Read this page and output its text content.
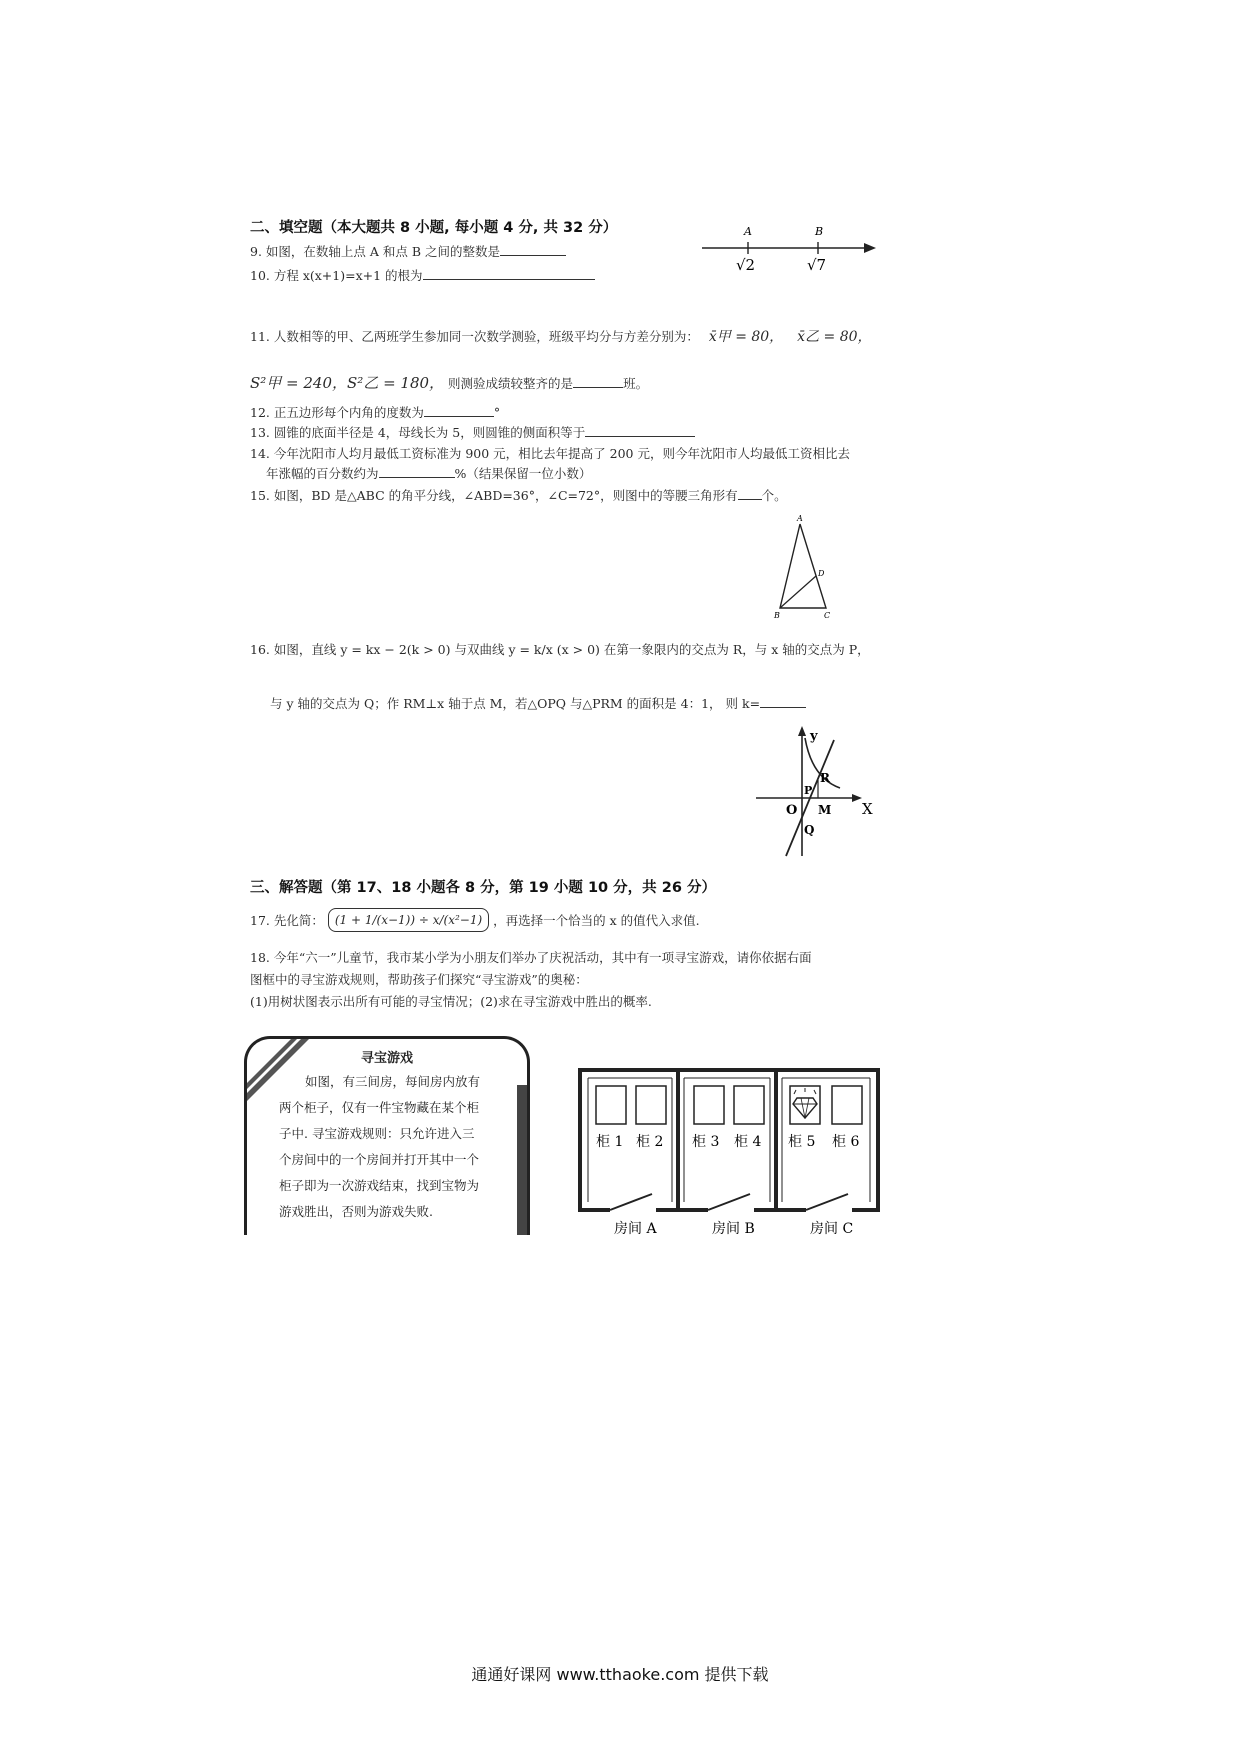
二、填空题（本大题共 8 小题, 每小题 4 分, 共 32 分）
9. 如图，在数轴上点 A 和点 B 之间的整数是
A	B
√2	√7
10. 方程 x(x+1)=x+1 的根为
11. 人数相等的甲、乙两班学生参加同一次数学测验，班级平均分与方差分别为： x̄甲 = 80， x̄乙 = 80，
S²甲 = 240，S²乙 = 180， 则测验成绩较整齐的是	班。
12. 正五边形每个内角的度数为	°
13. 圆锥的底面半径是 4，母线长为 5，则圆锥的侧面积等于
14. 今年沈阳市人均月最低工资标准为 900 元，相比去年提高了 200 元，则今年沈阳市人均最低工资相比去
年涨幅的百分数约为	%（结果保留一位小数）
15. 如图，BD 是△ABC 的角平分线，∠ABD=36°，∠C=72°，则图中的等腰三角形有 个。
A
B	C
D
16. 如图，直线 y = kx − 2(k > 0) 与双曲线 y = k/x (x > 0) 在第一象限内的交点为 R，与 x 轴的交点为 P，
与 y 轴的交点为 Q；作 RM⊥x 轴于点 M，若△OPQ 与△PRM 的面积是 4：1， 则 k=
y
X
O
P
R
M
Q
三、解答题（第 17、18 小题各 8 分，第 19 小题 10 分，共 26 分）
17. 先化简： (1 + 1/(x−1)) ÷ x/(x²−1) ，再选择一个恰当的 x 的值代入求值.
18. 今年“六一”儿童节，我市某小学为小朋友们举办了庆祝活动，其中有一项寻宝游戏，请你依据右面
图框中的寻宝游戏规则，帮助孩子们探究“寻宝游戏”的奥秘：
(1)用树状图表示出所有可能的寻宝情况；(2)求在寻宝游戏中胜出的概率.
寻宝游戏
如图，有三间房，每间房内放有
两个柜子，仅有一件宝物藏在某个柜
子中. 寻宝游戏规则：只允许进入三
个房间中的一个房间并打开其中一个
柜子即为一次游戏结束，找到宝物为
游戏胜出，否则为游戏失败.
柜 1 柜 2 柜 3 柜 4 柜 5 柜 6
房间 A	房间 B	房间 C
通通好课网 www.tthaoke.com 提供下载
